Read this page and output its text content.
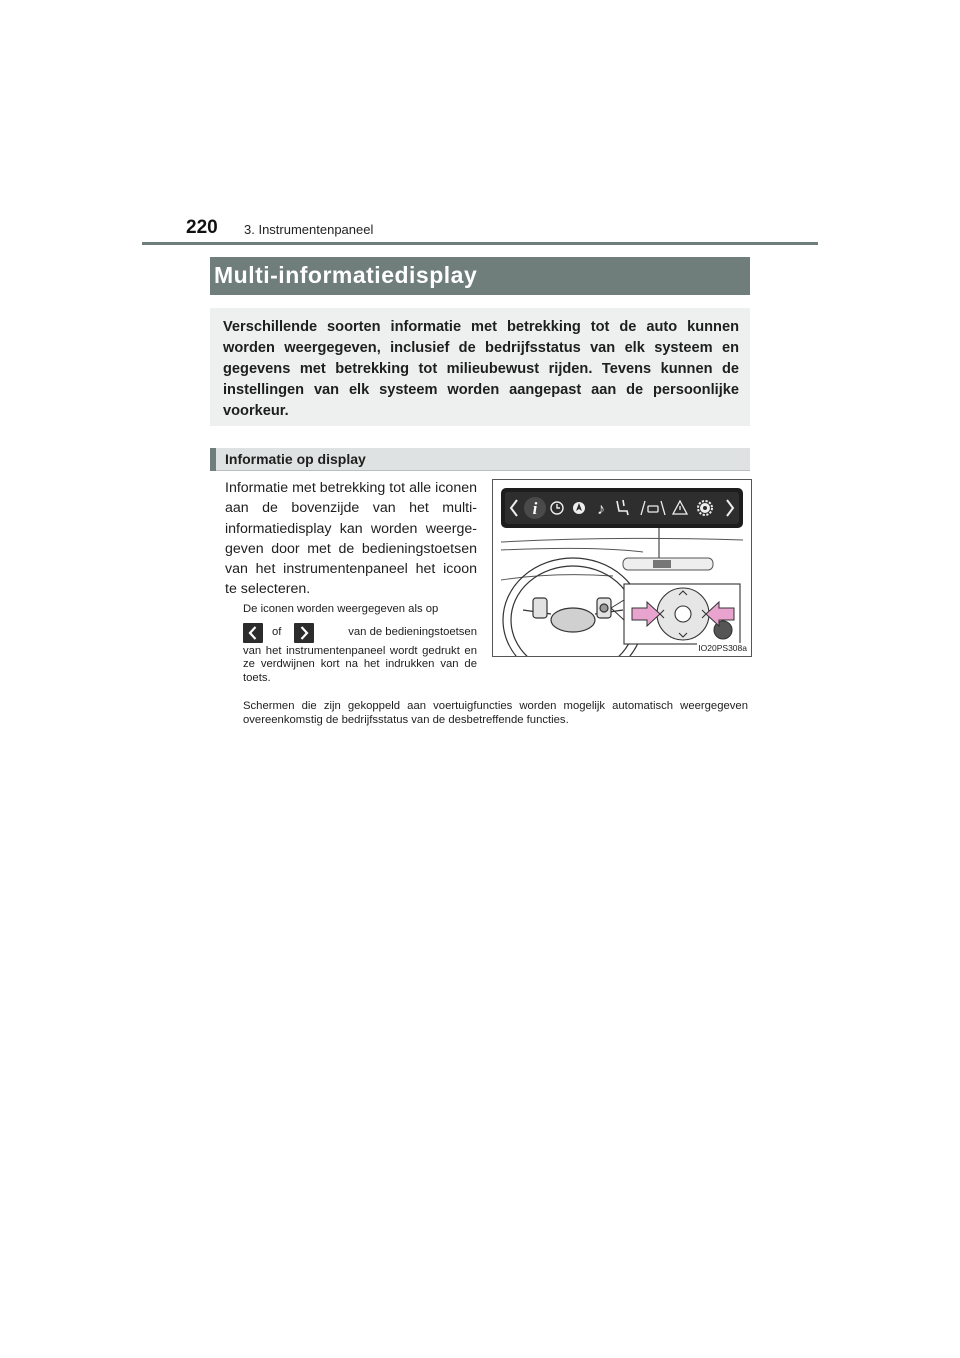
220 3. Instrumentenpaneel
Multi-informatiedisplay
Verschillende soorten informatie met betrekking tot de auto kunnen worden weergegeven, inclusief de bedrijfsstatus van elk systeem en gegevens met betrekking tot milieubewust rijden. Tevens kunnen de instellingen van elk systeem worden aangepast aan de persoonlijke voorkeur.
Informatie op display
Informatie met betrekking tot alle iconen aan de bovenzijde van het multiinformatiedisplay kan worden weergegeven door met de bedieningstoetsen van het instrumentenpaneel het icoon te selecteren.

De iconen worden weergegeven als op

of	van de bedieningstoetsen

van het instrumentenpaneel wordt gedrukt en ze verdwijnen kort na het indrukken van de toets.

Schermen die zijn gekoppeld aan voertuigfuncties worden mogelijk automatisch weergegeven overeenkomstig de bedrijfsstatus van de desbetreffende functies.
i	♪
IO20PS308a
